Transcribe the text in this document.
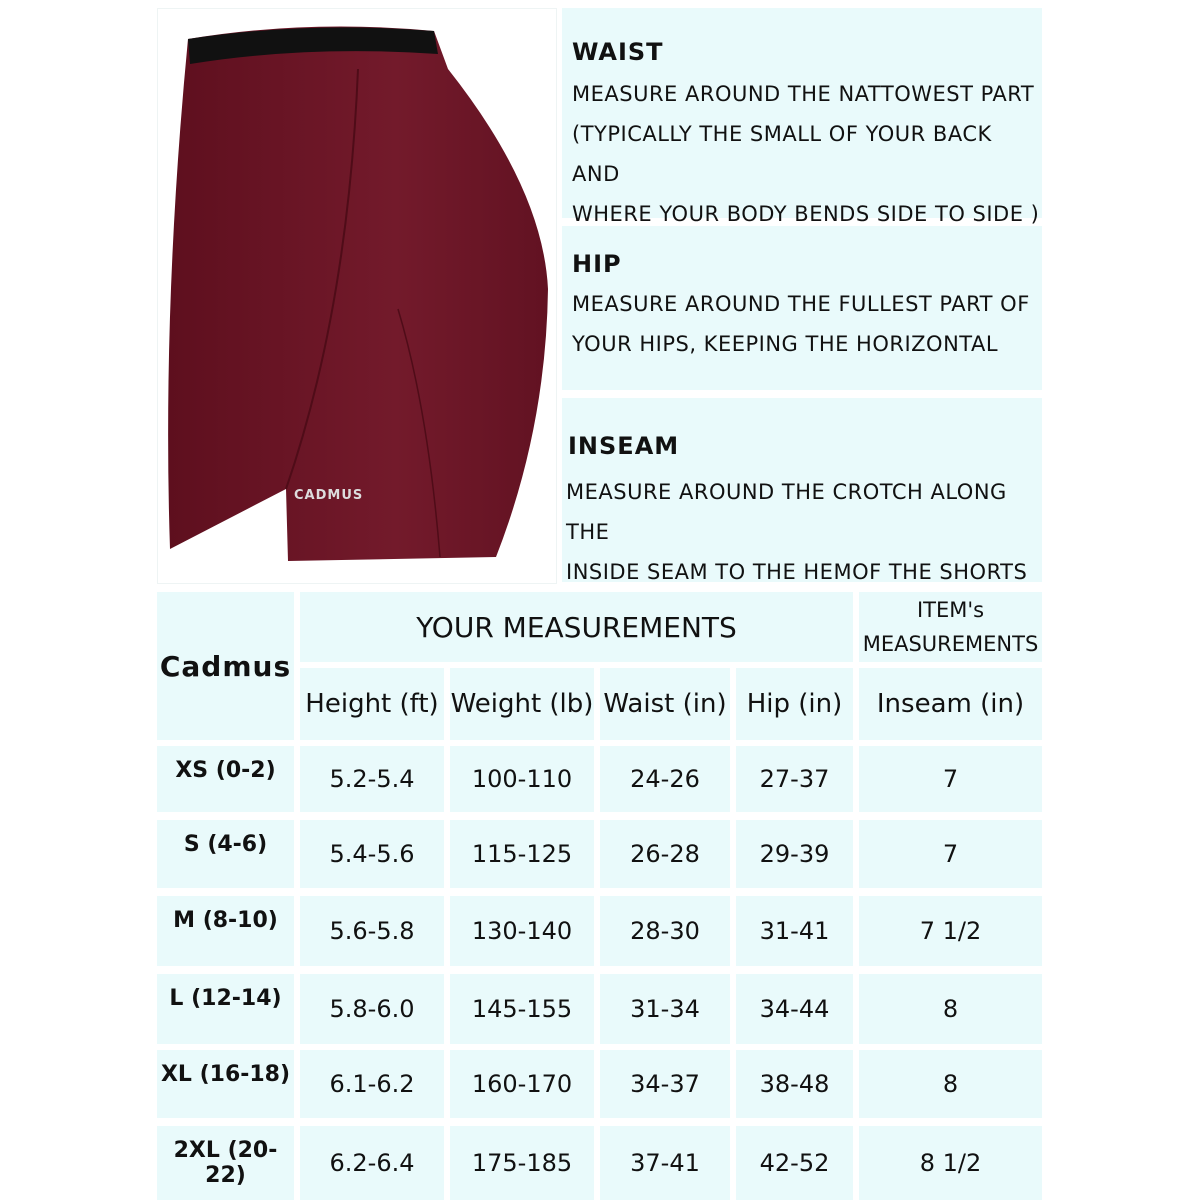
CADMUS
WAIST

MEASURE AROUND THE NATTOWEST PART
(TYPICALLY THE SMALL OF YOUR BACK AND
WHERE YOUR BODY BENDS SIDE TO SIDE )

HIP

MEASURE AROUND THE FULLEST PART OF
YOUR HIPS, KEEPING THE HORIZONTAL

INSEAM

MEASURE AROUND THE CROTCH ALONG THE
INSIDE SEAM TO THE HEMOF THE SHORTS

Cadmus
YOUR MEASUREMENTS
ITEM's MEASUREMENTS
Height (ft) Weight (lb) Waist (in) Hip (in)	Inseam (in)
XS (0-2)	5.2-5.4	100-110	24-26	27-37	7
S (4-6)	5.4-5.6	115-125	26-28	29-39	7
M (8-10)	5.6-5.8	130-140	28-30	31-41	7 1/2
L (12-14)	5.8-6.0	145-155	31-34	34-44	8
XL (16-18)	6.1-6.2	160-170	34-37	38-48	8
2XL (20-22)	6.2-6.4	175-185	37-41	42-52	8 1/2
